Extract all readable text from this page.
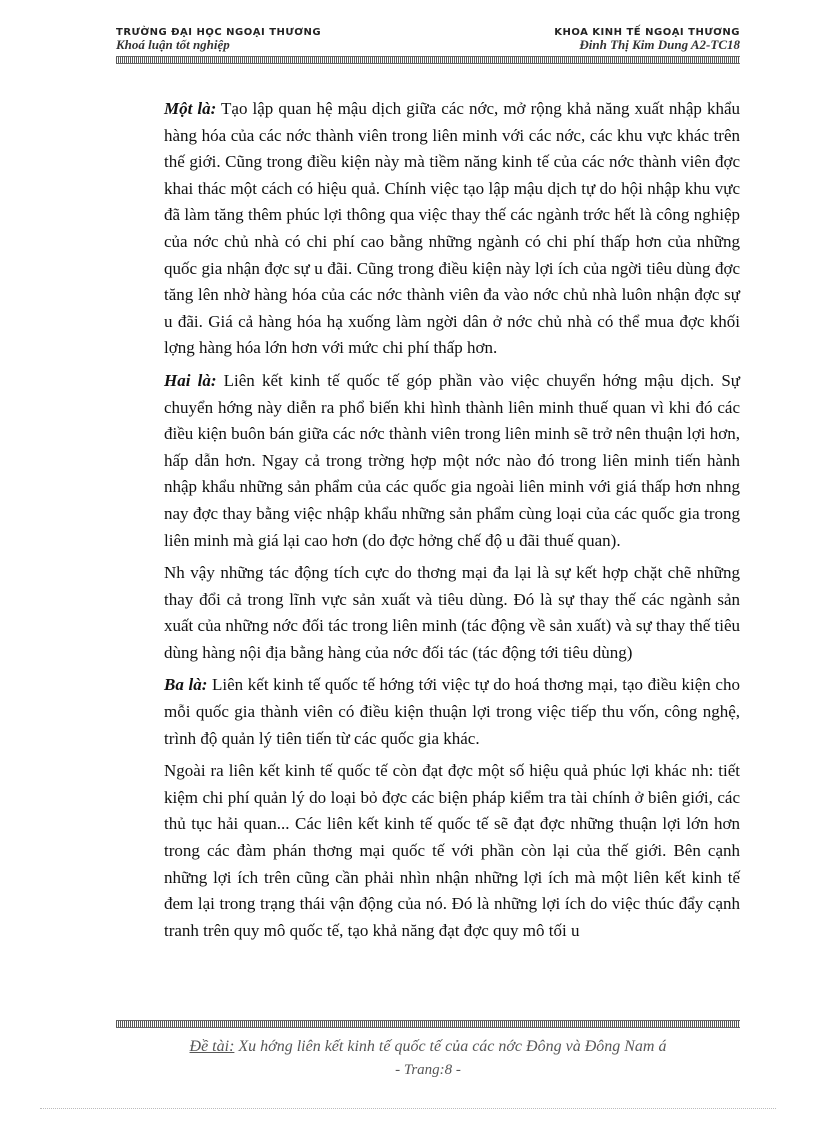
TRƯỜNG ĐẠI HỌC NGOẠI THƯƠNG
Khoá luận tốt nghiệp
KHOA KINH TẾ NGOẠI THƯƠNG
Đinh Thị Kim Dung A2-TC18

Một là: Tạo lập quan hệ mậu dịch giữa các nớc, mở rộng khả năng xuất nhập khẩu hàng hóa của các nớc thành viên trong liên minh với các nớc, các khu vực khác trên thế giới. Cũng trong điều kiện này mà tiềm năng kinh tế của các nớc thành viên đợc khai thác một cách có hiệu quả. Chính việc tạo lập mậu dịch tự do hội nhập khu vực đã làm tăng thêm phúc lợi thông qua việc thay thế các ngành trớc hết là công nghiệp của nớc chủ nhà có chi phí cao bằng những ngành có chi phí thấp hơn của những quốc gia nhận đợc sự u đãi. Cũng trong điều kiện này lợi ích của ngời tiêu dùng đợc tăng lên nhờ hàng hóa của các nớc thành viên đa vào nớc chủ nhà luôn nhận đợc sự u đãi. Giá cả hàng hóa hạ xuống làm ngời dân ở nớc chủ nhà có thể mua đợc khối lợng hàng hóa lớn hơn với mức chi phí thấp hơn.

Hai là: Liên kết kinh tế quốc tế góp phần vào việc chuyển hớng mậu dịch. Sự chuyển hớng này diễn ra phổ biến khi hình thành liên minh thuế quan vì khi đó các điều kiện buôn bán giữa các nớc thành viên trong liên minh sẽ trở nên thuận lợi hơn, hấp dẫn hơn. Ngay cả trong trờng hợp một nớc nào đó trong liên minh tiến hành nhập khẩu những sản phẩm của các quốc gia ngoài liên minh với giá thấp hơn nhng nay đợc thay bằng việc nhập khẩu những sản phẩm cùng loại của các quốc gia trong liên minh mà giá lại cao hơn (do đợc hởng chế độ u đãi thuế quan).

Nh vậy những tác động tích cực do thơng mại đa lại là sự kết hợp chặt chẽ những thay đổi cả trong lĩnh vực sản xuất và tiêu dùng. Đó là sự thay thế các ngành sản xuất của những nớc đối tác trong liên minh (tác động về sản xuất) và sự thay thế tiêu dùng hàng nội địa bằng hàng của nớc đối tác (tác động tới tiêu dùng)

Ba là: Liên kết kinh tế quốc tế hớng tới việc tự do hoá thơng mại, tạo điều kiện cho mỗi quốc gia thành viên có điều kiện thuận lợi trong việc tiếp thu vốn, công nghệ, trình độ quản lý tiên tiến từ các quốc gia khác.

Ngoài ra liên kết kinh tế quốc tế còn đạt đợc một số hiệu quả phúc lợi khác nh: tiết kiệm chi phí quản lý do loại bỏ đợc các biện pháp kiểm tra tài chính ở biên giới, các thủ tục hải quan... Các liên kết kinh tế quốc tế sẽ đạt đợc những thuận lợi lớn hơn trong các đàm phán thơng mại quốc tế với phần còn lại của thế giới. Bên cạnh những lợi ích trên cũng cần phải nhìn nhận những lợi ích mà một liên kết kinh tế đem lại trong trạng thái vận động của nó. Đó là những lợi ích do việc thúc đẩy cạnh tranh trên quy mô quốc tế, tạo khả năng đạt đợc quy mô tối u

Đề tài: Xu hớng liên kết kinh tế quốc tế của các nớc Đông và Đông Nam á
- Trang:8 -
